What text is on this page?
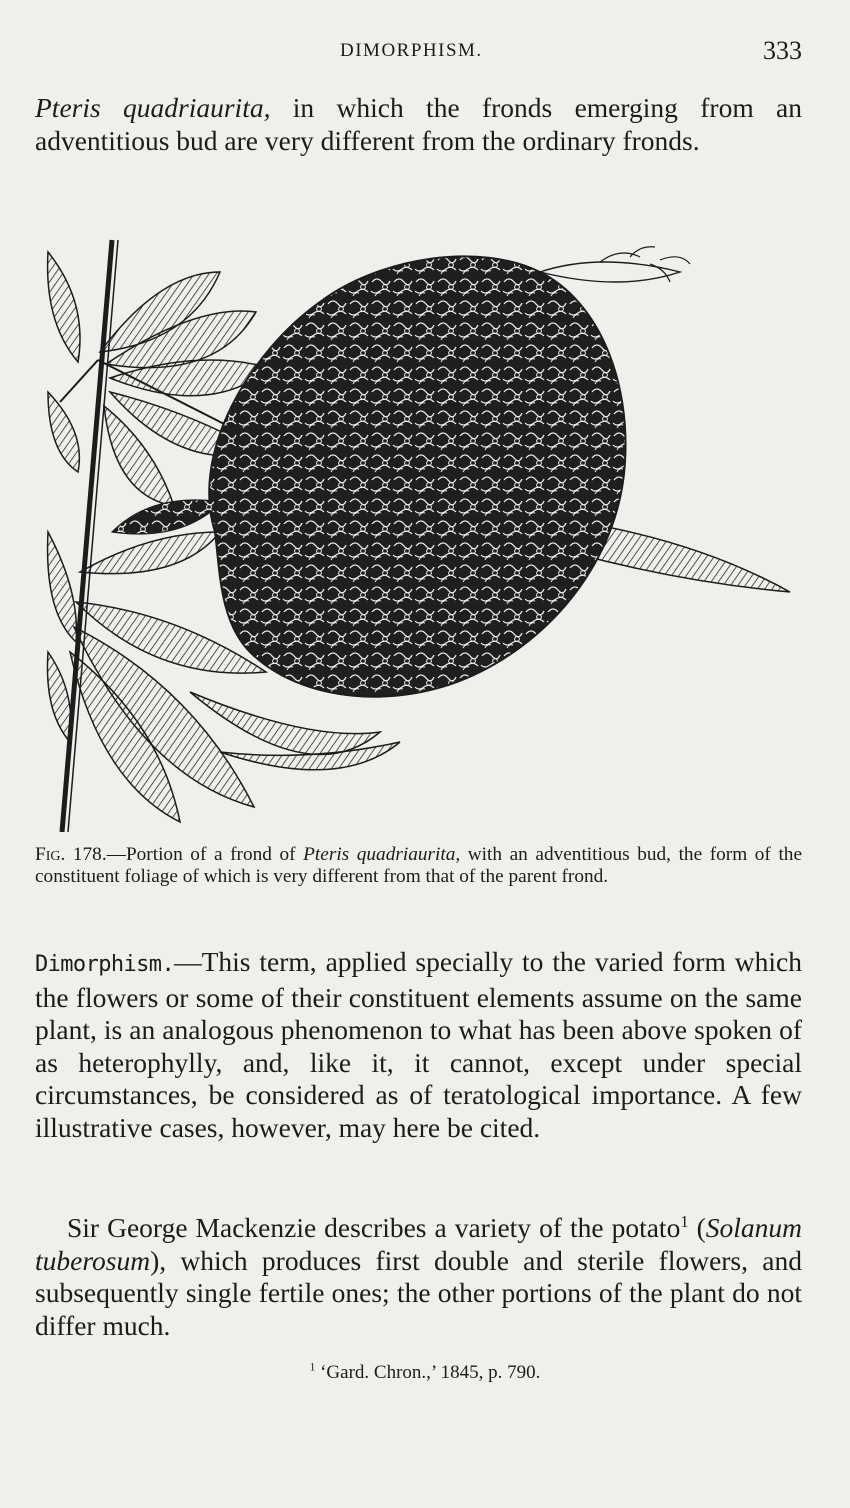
DIMORPHISM.	333

Pteris quadriaurita, in which the fronds emerging from an adventitious bud are very different from the ordinary fronds.

Fig. 178.—Portion of a frond of Pteris quadriaurita, with an adventitious bud, the form of the constituent foliage of which is very different from that of the parent frond.

Dimorphism.—This term, applied specially to the varied form which the flowers or some of their constituent elements assume on the same plant, is an analogous phenomenon to what has been above spoken of as heterophylly, and, like it, it cannot, except under special circumstances, be considered as of teratological importance. A few illustrative cases, however, may here be cited.

Sir George Mackenzie describes a variety of the potato$^1$ (Solanum tuberosum), which produces first double and sterile flowers, and subsequently single fertile ones; the other portions of the plant do not differ much.

$^1$ ‘Gard. Chron.,’ 1845, p. 790.
